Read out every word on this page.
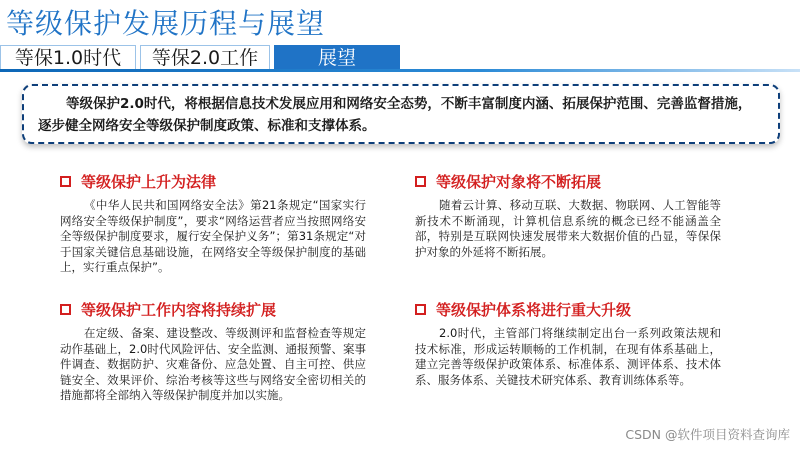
等级保护发展历程与展望
等保1.0时代	等保2.0工作	展望
等级保护2.0时代，将根据信息技术发展应用和网络安全态势，不断丰富制度内涵、拓展保护范围、完善监督措施，逐步健全网络安全等级保护制度政策、标准和支撑体系。
等级保护上升为法律
《中华人民共和国网络安全法》第21条规定“国家实行网络安全等级保护制度”，要求“网络运营者应当按照网络安全等级保护制度要求，履行安全保护义务”；第31条规定“对于国家关键信息基础设施，在网络安全等级保护制度的基础上，实行重点保护”。
等级保护对象将不断拓展
随着云计算、移动互联、大数据、物联网、人工智能等新技术不断涌现，计算机信息系统的概念已经不能涵盖全部，特别是互联网快速发展带来大数据价值的凸显，等保保护对象的外延将不断拓展。
等级保护工作内容将持续扩展
在定级、备案、建设整改、等级测评和监督检查等规定动作基础上，2.0时代风险评估、安全监测、通报预警、案事件调查、数据防护、灾难备份、应急处置、自主可控、供应链安全、效果评价、综治考核等这些与网络安全密切相关的措施都将全部纳入等级保护制度并加以实施。
等级保护体系将进行重大升级
2.0时代，主管部门将继续制定出台一系列政策法规和技术标准，形成运转顺畅的工作机制，在现有体系基础上，建立完善等级保护政策体系、标准体系、测评体系、技术体系、服务体系、关键技术研究体系、教育训练体系等。
CSDN @软件项目资料查询库
